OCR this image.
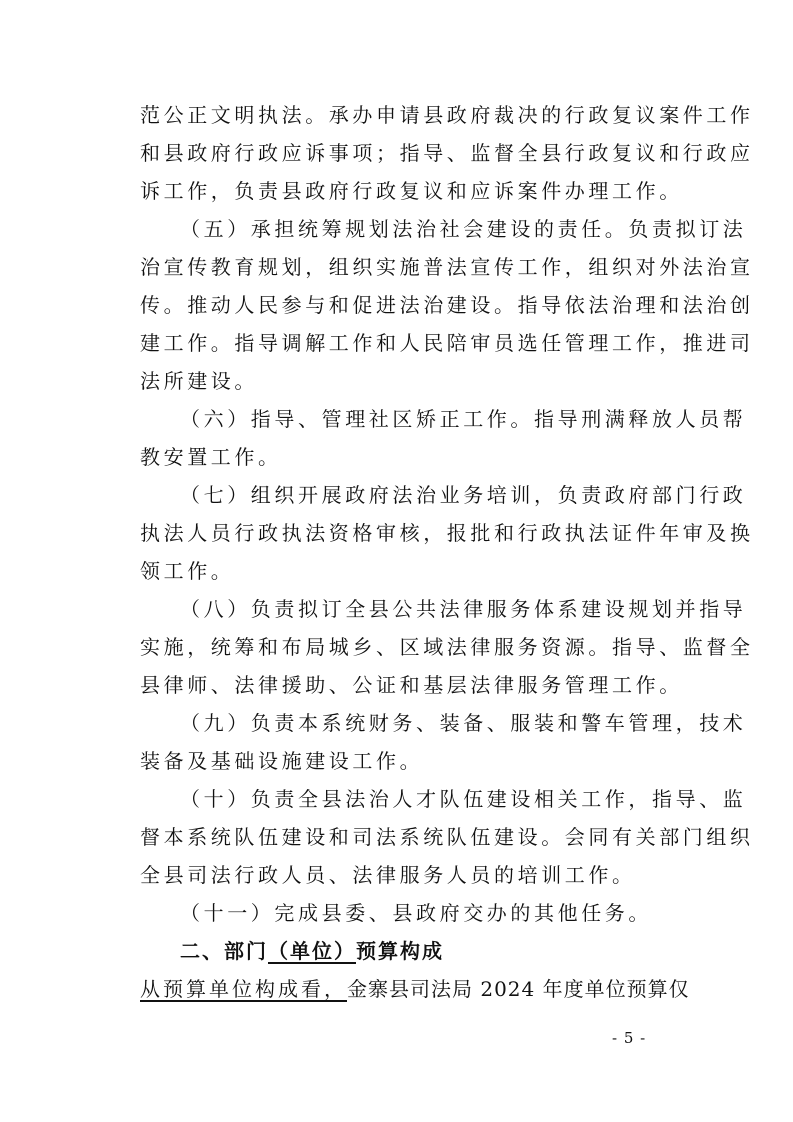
范公正文明执法。承办申请县政府裁决的行政复议案件工作
和县政府行政应诉事项；指导、监督全县行政复议和行政应
诉工作，负责县政府行政复议和应诉案件办理工作。
（五）承担统筹规划法治社会建设的责任。负责拟订法
治宣传教育规划，组织实施普法宣传工作，组织对外法治宣
传。推动人民参与和促进法治建设。指导依法治理和法治创
建工作。指导调解工作和人民陪审员选任管理工作，推进司
法所建设。
（六）指导、管理社区矫正工作。指导刑满释放人员帮
教安置工作。
（七）组织开展政府法治业务培训，负责政府部门行政
执法人员行政执法资格审核，报批和行政执法证件年审及换
领工作。
（八）负责拟订全县公共法律服务体系建设规划并指导
实施，统筹和布局城乡、区域法律服务资源。指导、监督全
县律师、法律援助、公证和基层法律服务管理工作。
（九）负责本系统财务、装备、服装和警车管理，技术
装备及基础设施建设工作。
（十）负责全县法治人才队伍建设相关工作，指导、监
督本系统队伍建设和司法系统队伍建设。会同有关部门组织
全县司法行政人员、法律服务人员的培训工作。
（十一）完成县委、县政府交办的其他任务。
二、部门（单位）预算构成
从预算单位构成看，金寨县司法局 2024 年度单位预算仅
- 5 -
